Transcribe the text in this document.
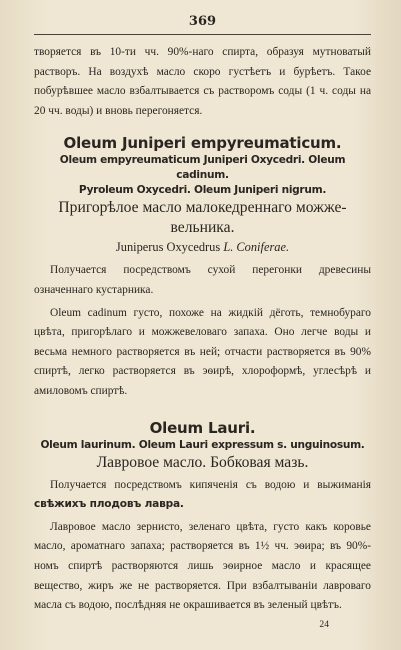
369

творяется въ 10-ти чч. 90%-наго спирта, образуя мутноватый растворъ. На воздухѣ масло скоро густѣетъ и бурѣетъ. Такое побурѣвшее масло взбалтывается съ растворомъ соды (1 ч. соды на 20 чч. воды) и вновь перегоняется.

Oleum Juniperi empyreumaticum.

Oleum empyreumaticum Juniperi Oxycedri. Oleum cadinum.

Pyroleum Oxycedri. Oleum Juniperi nigrum.

Пригорѣлое масло малокедреннаго можже-

вельника.

Juniperus Oxycedrus L. Coniferae.

Получается посредствомъ сухой перегонки древесины означеннаго кустарника.

Oleum cadinum густо, похоже на жидкій дёготь, темнобураго цвѣта, пригорѣлаго и можжевеловаго запаха. Оно легче воды и весьма немного растворяется въ ней; отчасти растворяется въ 90% спиртѣ, легко растворяется въ эѳирѣ, хлороформѣ, углесѣрѣ и амиловомъ спиртѣ.

Oleum Lauri.

Oleum laurinum. Oleum Lauri expressum s. unguinosum.

Лавровое масло. Бобковая мазь.

Получается посредствомъ кипяченія съ водою и выжиманія свѣжихъ плодовъ лавра.

Лавровое масло зернисто, зеленаго цвѣта, густо какъ коровье масло, ароматнаго запаха; растворяется въ 1½ чч. эѳира; въ 90%-номъ спиртѣ растворяются лишь эѳирное масло и красящее вещество, жиръ же не растворяется. При взбалтываніи лавроваго масла съ водою, послѣдняя не окрашивается въ зеленый цвѣтъ.

24
